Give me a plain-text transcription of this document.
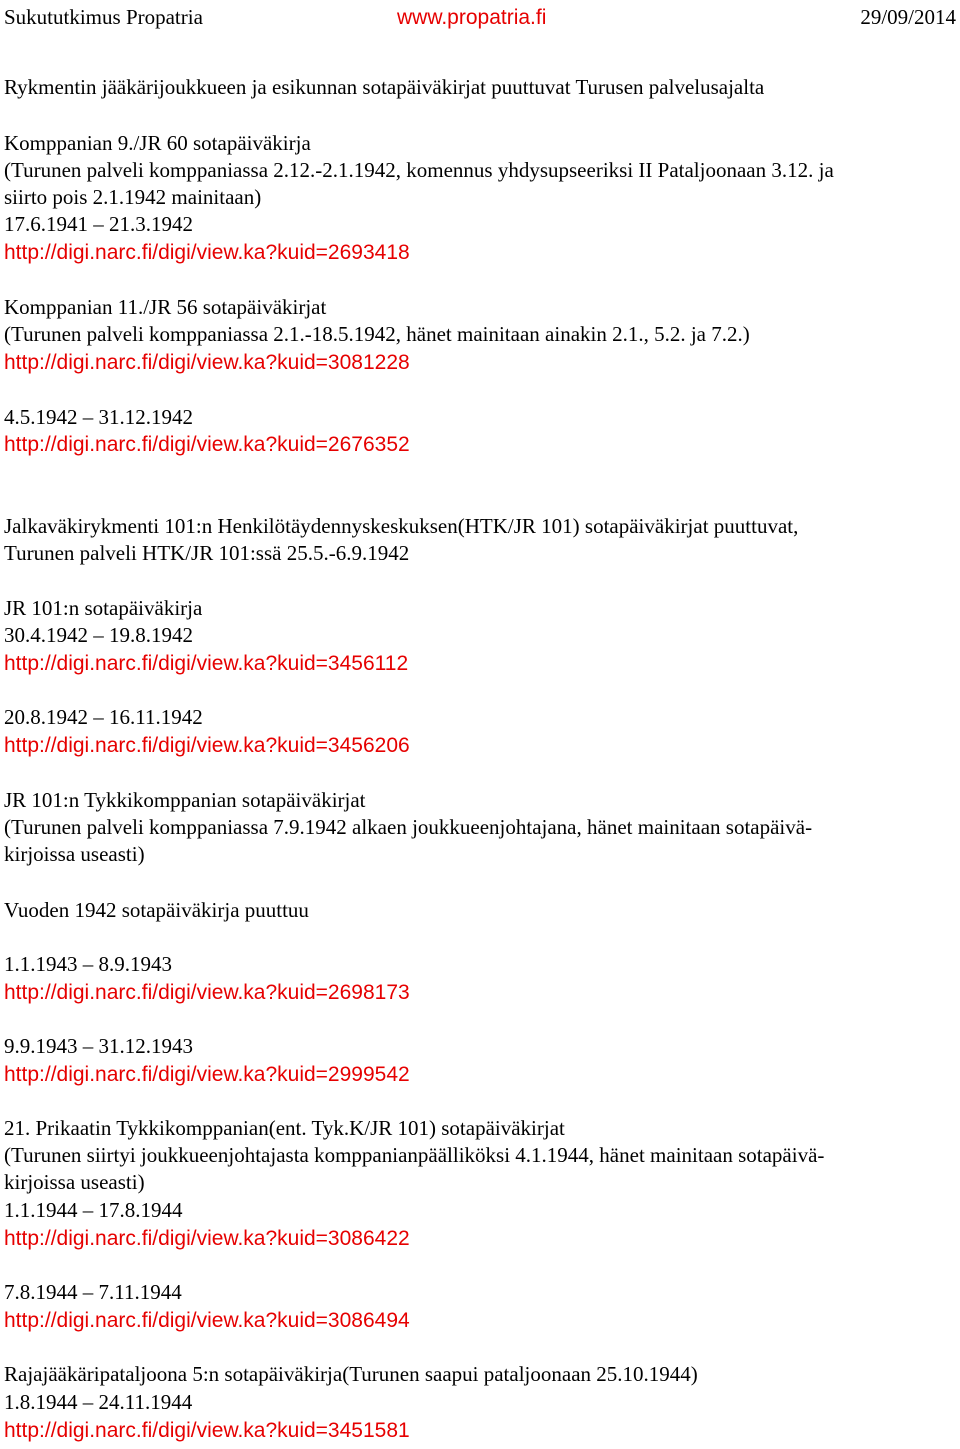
Sukututkimus Propatria	www.propatria.fi	29/09/2014
Rykmentin jääkärijoukkueen ja esikunnan sotapäiväkirjat puuttuvat Turusen palvelusajalta
Komppanian 9./JR 60 sotapäiväkirja
(Turunen palveli komppaniassa 2.12.-2.1.1942, komennus yhdysupseeriksi II Pataljoonaan 3.12. ja
siirto pois 2.1.1942 mainitaan)
17.6.1941 – 21.3.1942
http://digi.narc.fi/digi/view.ka?kuid=2693418
Komppanian 11./JR 56 sotapäiväkirjat
(Turunen palveli komppaniassa 2.1.-18.5.1942, hänet mainitaan ainakin 2.1., 5.2. ja 7.2.)
http://digi.narc.fi/digi/view.ka?kuid=3081228
4.5.1942 – 31.12.1942
http://digi.narc.fi/digi/view.ka?kuid=2676352
Jalkaväkirykmenti 101:n Henkilötäydennyskeskuksen(HTK/JR 101) sotapäiväkirjat puuttuvat,
Turunen palveli HTK/JR 101:ssä 25.5.-6.9.1942
JR 101:n sotapäiväkirja
30.4.1942 – 19.8.1942
http://digi.narc.fi/digi/view.ka?kuid=3456112
20.8.1942 – 16.11.1942
http://digi.narc.fi/digi/view.ka?kuid=3456206
JR 101:n Tykkikomppanian sotapäiväkirjat
(Turunen palveli komppaniassa 7.9.1942 alkaen joukkueenjohtajana, hänet mainitaan sotapäivä-
kirjoissa useasti)
Vuoden 1942 sotapäiväkirja puuttuu
1.1.1943 – 8.9.1943
http://digi.narc.fi/digi/view.ka?kuid=2698173
9.9.1943 – 31.12.1943
http://digi.narc.fi/digi/view.ka?kuid=2999542
21. Prikaatin Tykkikomppanian(ent. Tyk.K/JR 101) sotapäiväkirjat
(Turunen siirtyi joukkueenjohtajasta komppanianpäälliköksi 4.1.1944, hänet mainitaan sotapäivä-
kirjoissa useasti)
1.1.1944 – 17.8.1944
http://digi.narc.fi/digi/view.ka?kuid=3086422
7.8.1944 – 7.11.1944
http://digi.narc.fi/digi/view.ka?kuid=3086494
Rajajääkäripataljoona 5:n sotapäiväkirja(Turunen saapui pataljoonaan 25.10.1944)
1.8.1944 – 24.11.1944
http://digi.narc.fi/digi/view.ka?kuid=3451581
